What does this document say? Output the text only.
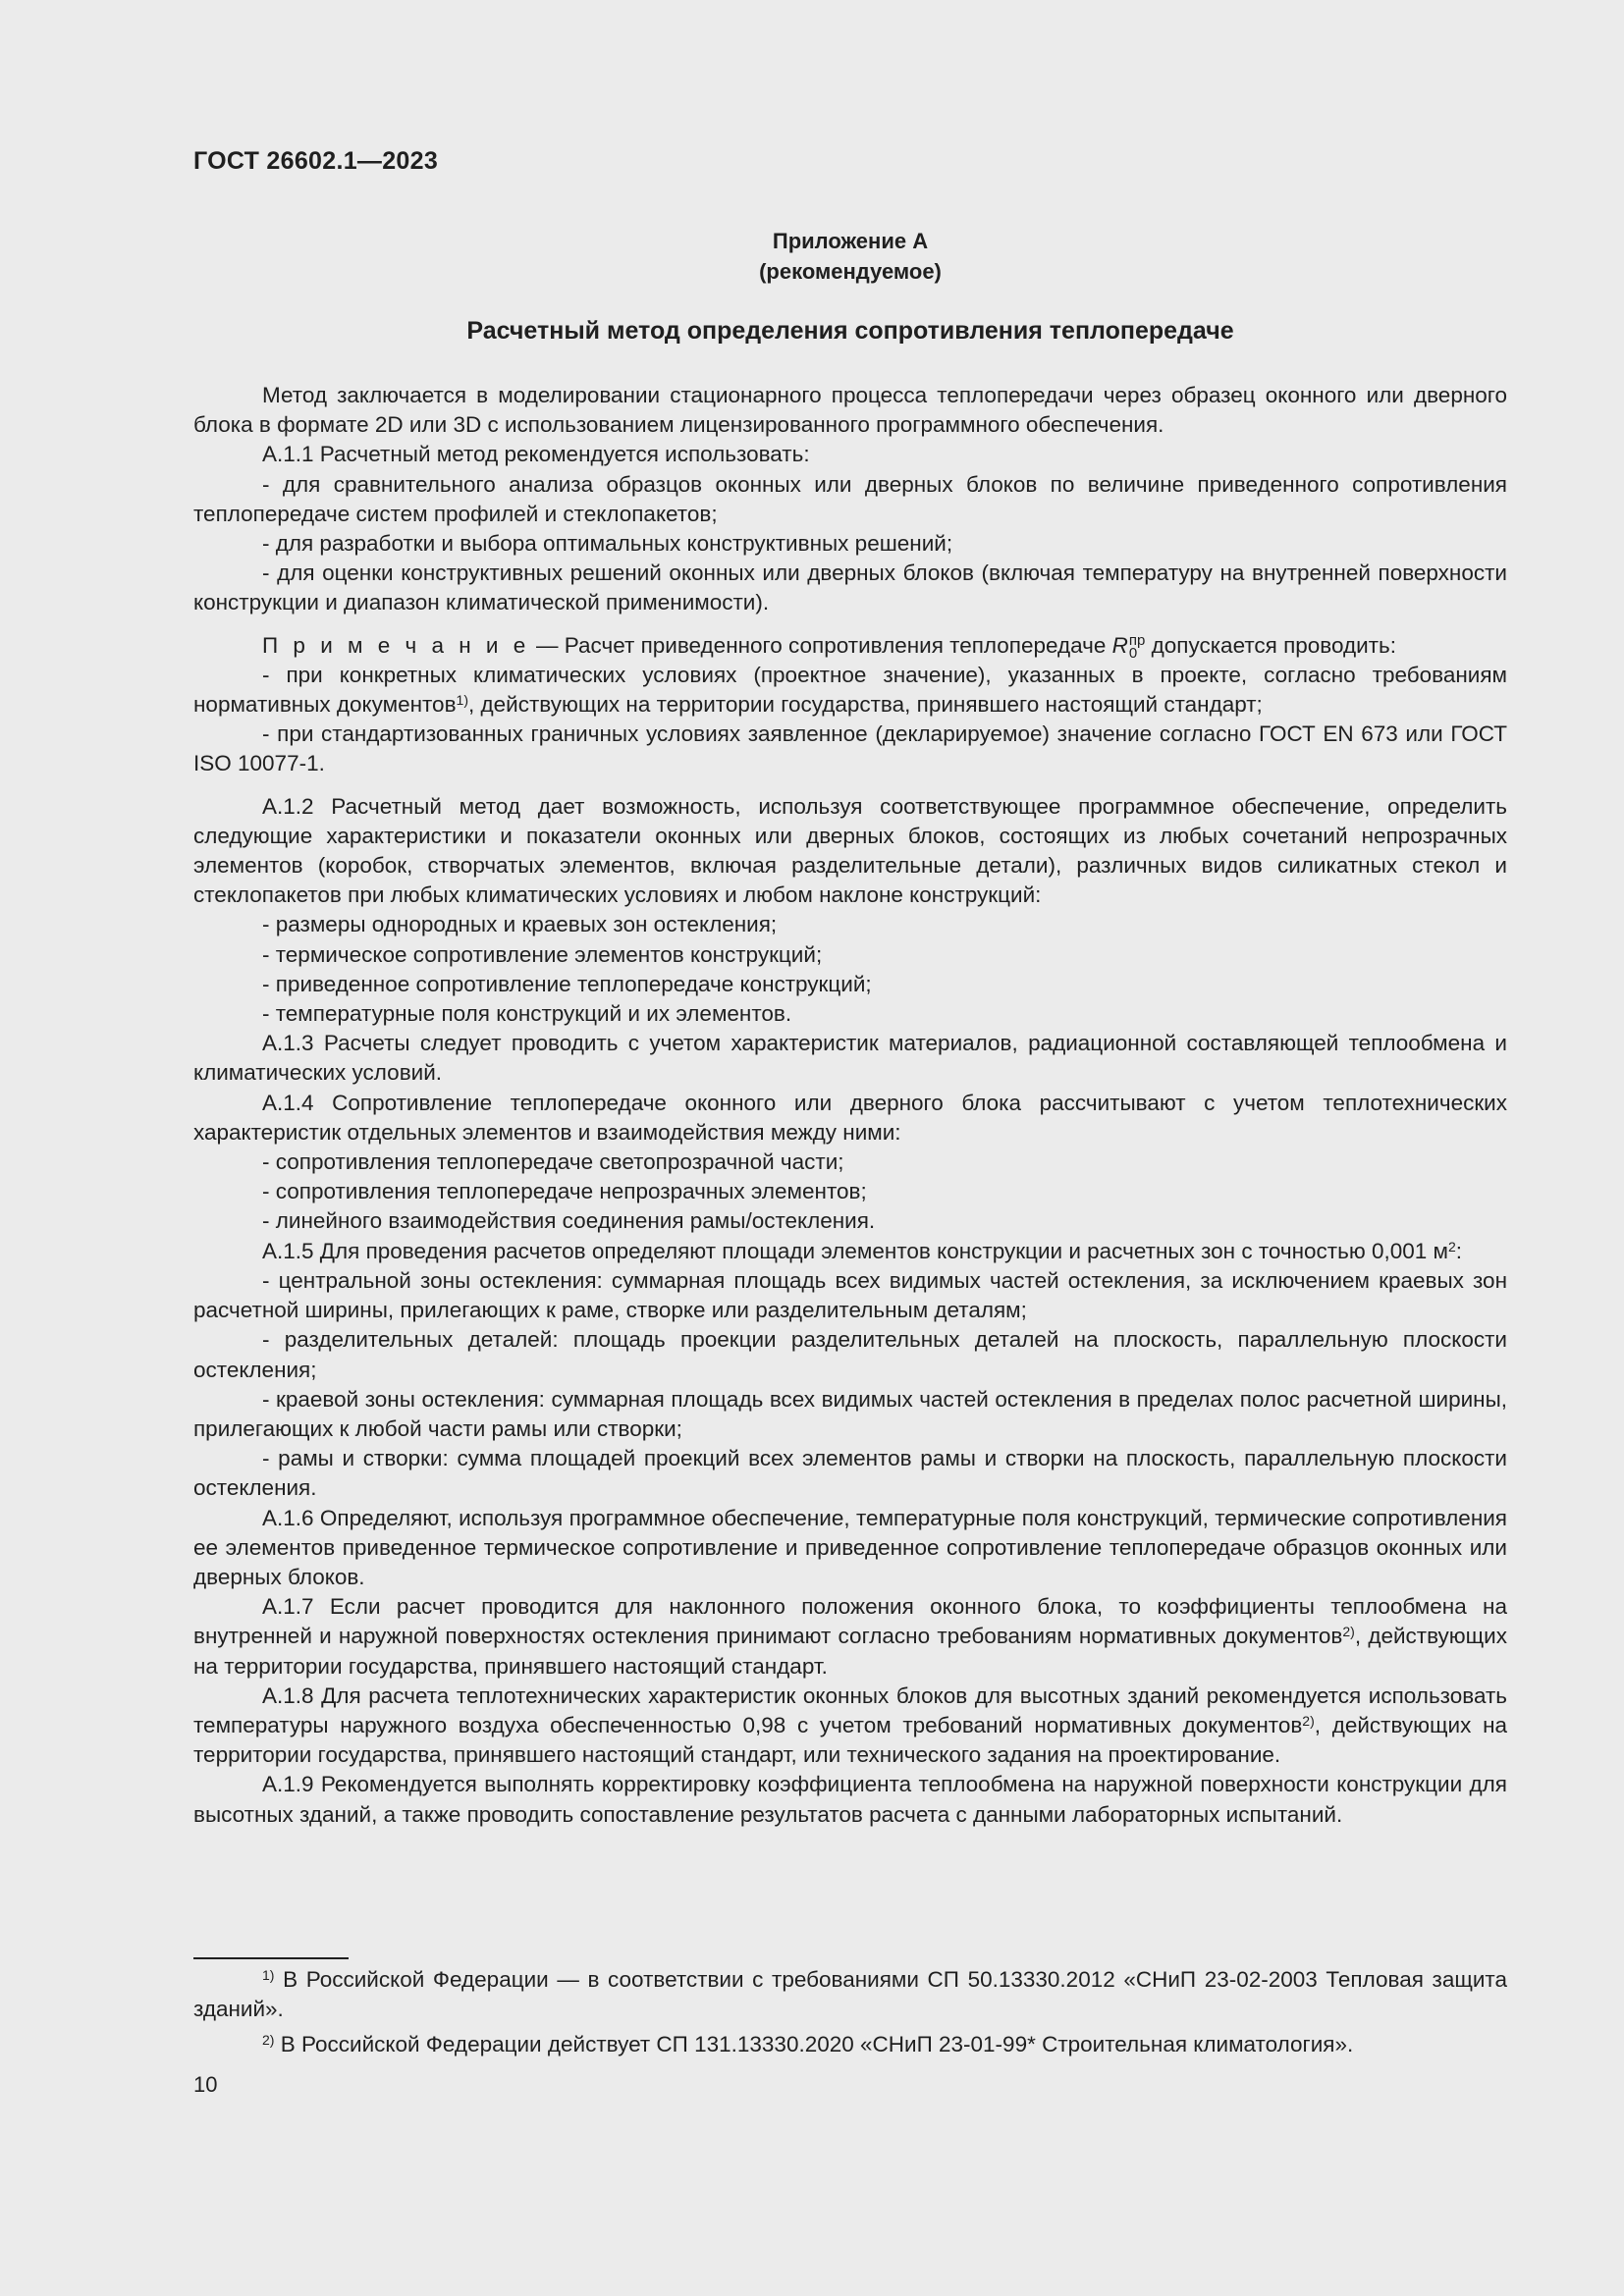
ГОСТ 26602.1—2023
Приложение А
(рекомендуемое)
Расчетный метод определения сопротивления теплопередаче

Метод заключается в моделировании стационарного процесса теплопередачи через образец оконного или дверного блока в формате 2D или 3D с использованием лицензированного программного обеспечения.

А.1.1 Расчетный метод рекомендуется использовать:

- для сравнительного анализа образцов оконных или дверных блоков по величине приведенного сопротивления теплопередаче систем профилей и стеклопакетов;

- для разработки и выбора оптимальных конструктивных решений;

- для оценки конструктивных решений оконных или дверных блоков (включая температуру на внутренней поверхности конструкции и диапазон климатической применимости).

П р и м е ч а н и е — Расчет приведенного сопротивления теплопередаче R пр
0 допускается проводить:

- при конкретных климатических условиях (проектное значение), указанных в проекте, согласно требованиям нормативных документов$^{1)}$, действующих на территории государства, принявшего настоящий стандарт;

- при стандартизованных граничных условиях заявленное (декларируемое) значение согласно ГОСТ EN 673 или ГОСТ ISO 10077-1.

А.1.2 Расчетный метод дает возможность, используя соответствующее программное обеспечение, определить следующие характеристики и показатели оконных или дверных блоков, состоящих из любых сочетаний непрозрачных элементов (коробок, створчатых элементов, включая разделительные детали), различных видов силикатных стекол и стеклопакетов при любых климатических условиях и любом наклоне конструкций:

- размеры однородных и краевых зон остекления;

- термическое сопротивление элементов конструкций;

- приведенное сопротивление теплопередаче конструкций;

- температурные поля конструкций и их элементов.

А.1.3 Расчеты следует проводить с учетом характеристик материалов, радиационной составляющей теплообмена и климатических условий.

А.1.4 Сопротивление теплопередаче оконного или дверного блока рассчитывают с учетом теплотехнических характеристик отдельных элементов и взаимодействия между ними:

- сопротивления теплопередаче светопрозрачной части;

- сопротивления теплопередаче непрозрачных элементов;

- линейного взаимодействия соединения рамы/остекления.

А.1.5 Для проведения расчетов определяют площади элементов конструкции и расчетных зон с точностью 0,001 $м^2$:

- центральной зоны остекления: суммарная площадь всех видимых частей остекления, за исключением краевых зон расчетной ширины, прилегающих к раме, створке или разделительным деталям;

- разделительных деталей: площадь проекции разделительных деталей на плоскость, параллельную плоскости остекления;

- краевой зоны остекления: суммарная площадь всех видимых частей остекления в пределах полос расчетной ширины, прилегающих к любой части рамы или створки;

- рамы и створки: сумма площадей проекций всех элементов рамы и створки на плоскость, параллельную плоскости остекления.

А.1.6 Определяют, используя программное обеспечение, температурные поля конструкций, термические сопротивления ее элементов приведенное термическое сопротивление и приведенное сопротивление теплопередаче образцов оконных или дверных блоков.

А.1.7 Если расчет проводится для наклонного положения оконного блока, то коэффициенты теплообмена на внутренней и наружной поверхностях остекления принимают согласно требованиям нормативных документов$^{2)}$, действующих на территории государства, принявшего настоящий стандарт.

А.1.8 Для расчета теплотехнических характеристик оконных блоков для высотных зданий рекомендуется использовать температуры наружного воздуха обеспеченностью 0,98 с учетом требований нормативных документов$^{2)}$, действующих на территории государства, принявшего настоящий стандарт, или технического задания на проектирование.

А.1.9 Рекомендуется выполнять корректировку коэффициента теплообмена на наружной поверхности конструкции для высотных зданий, а также проводить сопоставление результатов расчета с данными лабораторных испытаний.

$^{1)}$ В Российской Федерации — в соответствии с требованиями СП 50.13330.2012 «СНиП 23-02-2003 Тепловая защита зданий».

$^{2)}$ В Российской Федерации действует СП 131.13330.2020 «СНиП 23-01-99* Строительная климатология».

10
